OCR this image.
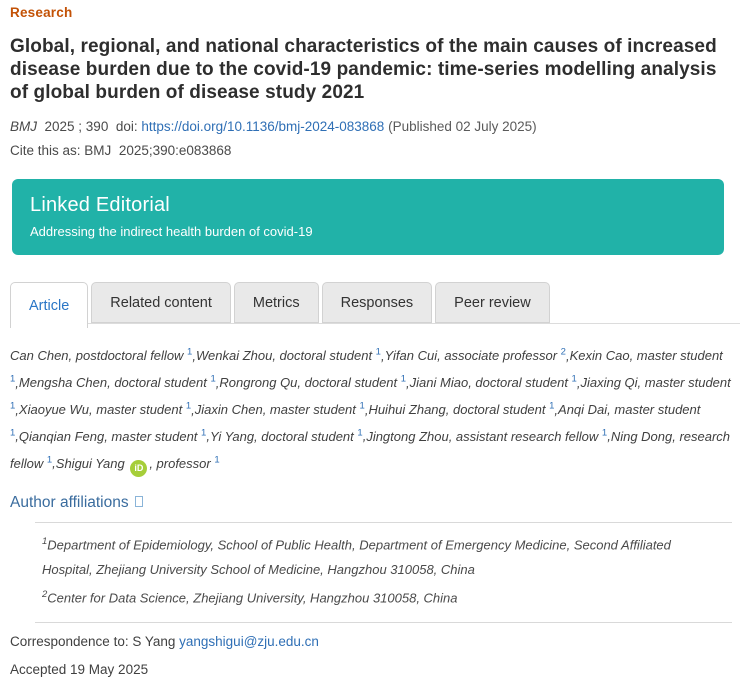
Research
Global, regional, and national characteristics of the main causes of increased disease burden due to the covid-19 pandemic: time-series modelling analysis of global burden of disease study 2021
BMJ 2025 ; 390 doi: https://doi.org/10.1136/bmj-2024-083868 (Published 02 July 2025)
Cite this as: BMJ 2025;390:e083868
Linked Editorial
Addressing the indirect health burden of covid-19
Article	Related content	Metrics	Responses	Peer review
Can Chen, postdoctoral fellow $^1$,Wenkai Zhou, doctoral student $^1$,Yifan Cui, associate professor $^2$,Kexin Cao, master student $^1$,Mengsha Chen, doctoral student $^1$,Rongrong Qu, doctoral student $^1$,Jiani Miao, doctoral student $^1$,Jiaxing Qi, master student $^1$,Xiaoyue Wu, master student $^1$,Jiaxin Chen, master student $^1$,Huihui Zhang, doctoral student $^1$,Anqi Dai, master student $^1$,Qianqian Feng, master student $^1$,Yi Yang, doctoral student $^1$,Jingtong Zhou, assistant research fellow $^1$,Ning Dong, research fellow $^1$,Shigui Yang iD , professor $^1$
Author affiliations
$^1$Department of Epidemiology, School of Public Health, Department of Emergency Medicine, Second Affiliated Hospital, Zhejiang University School of Medicine, Hangzhou 310058, China
$^2$Center for Data Science, Zhejiang University, Hangzhou 310058, China
Correspondence to: S Yang yangshigui@zju.edu.cn
Accepted 19 May 2025
